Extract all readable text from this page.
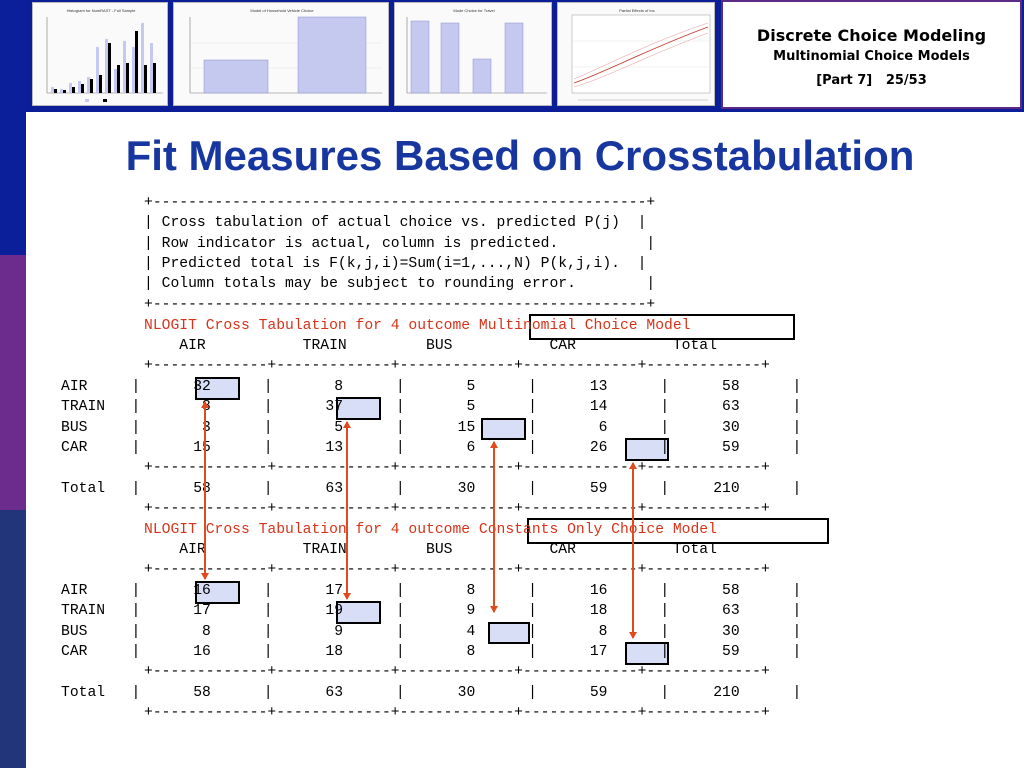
Histogram for NumRAST - Full Sample	Model of Household Vehicle Choice	Mode Choice for Travel	Partial Effects of Inc
Discrete Choice Modeling
Multinomial Choice Models
[Part 7] 25/53
Fit Measures Based on Crosstabulation
+--------------------------------------------------------+
| Cross tabulation of actual choice vs. predicted P(j)  |
| Row indicator is actual, column is predicted.          |
| Predicted total is F(k,j,i)=Sum(i=1,...,N) P(k,j,i).  |
| Column totals may be subject to rounding error.        |
+--------------------------------------------------------+
NLOGIT Cross Tabulation for 4 outcome Multinomial Choice Model
AIR           TRAIN         BUS           CAR           Total
+-------------+-------------+-------------+-------------+-------------+
AIR     |      32      |       8      |       5      |      13      |      58      |
TRAIN   |       8      |      37      |       5      |      14      |      63      |
BUS     |       3      |       5      |      15      |       6      |      30      |
CAR     |      15      |      13      |       6      |      26      |      59      |
+-------------+-------------+-------------+-------------+-------------+
Total   |      58      |      63      |      30      |      59      |     210      |
+-------------+-------------+-------------+-------------+-------------+
NLOGIT Cross Tabulation for 4 outcome Constants Only Choice Model
AIR           TRAIN         BUS           CAR           Total
+-------------+-------------+-------------+-------------+-------------+
AIR     |      16      |      17      |       8      |      16      |      58      |
TRAIN   |      17      |      19      |       9      |      18      |      63      |
BUS     |       8      |       9      |       4      |       8      |      30      |
CAR     |      16      |      18      |       8      |      17      |      59      |
+-------------+-------------+-------------+-------------+-------------+
Total   |      58      |      63      |      30      |      59      |     210      |
+-------------+-------------+-------------+-------------+-------------+
